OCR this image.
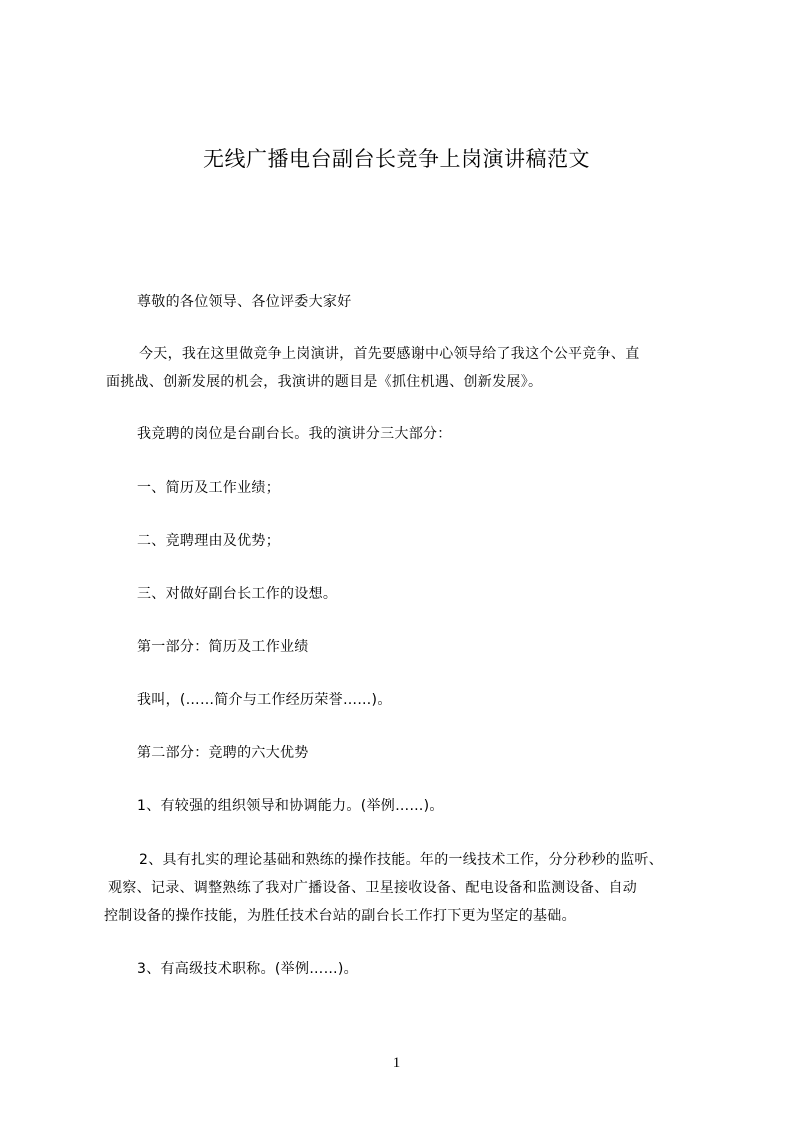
无线广播电台副台长竞争上岗演讲稿范文
尊敬的各位领导、各位评委大家好
今天，我在这里做竞争上岗演讲，首先要感谢中心领导给了我这个公平竞争、直
面挑战、创新发展的机会，我演讲的题目是《抓住机遇、创新发展》。
我竞聘的岗位是台副台长。我的演讲分三大部分：
一、简历及工作业绩；
二、竞聘理由及优势；
三、对做好副台长工作的设想。
第一部分：简历及工作业绩
我叫，(……简介与工作经历荣誉……)。
第二部分：竞聘的六大优势
1、有较强的组织领导和协调能力。(举例……)。
2、具有扎实的理论基础和熟练的操作技能。年的一线技术工作，分分秒秒的监听、
观察、记录、调整熟练了我对广播设备、卫星接收设备、配电设备和监测设备、自动
控制设备的操作技能，为胜任技术台站的副台长工作打下更为坚定的基础。
3、有高级技术职称。(举例……)。
1
